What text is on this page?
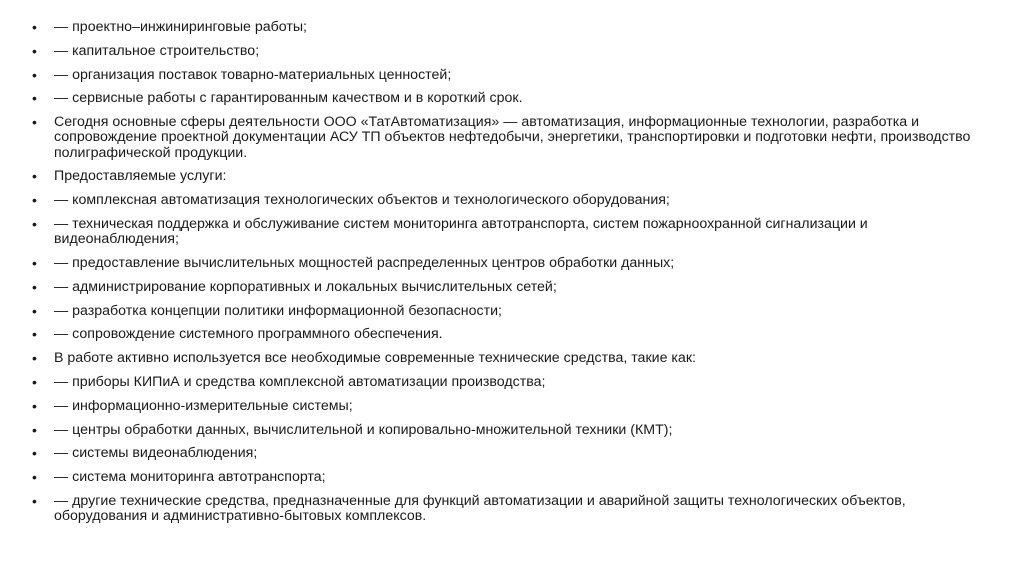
•	— проектно–инжиниринговые работы;
•	— капитальное строительство;
•	— организация поставок товарно-материальных ценностей;
•	— сервисные работы с гарантированным качеством и в короткий срок.
•	Сегодня основные сферы деятельности ООО «ТатАвтоматизация» — автоматизация, информационные технологии, разработка и сопровождение проектной документации АСУ ТП объектов нефтедобычи, энергетики, транспортировки и подготовки нефти, производство полиграфической продукции.
•	Предоставляемые услуги:
•	— комплексная автоматизация технологических объектов и технологического оборудования;
•	— техническая поддержка и обслуживание систем мониторинга автотранспорта, систем пожарноохранной сигнализации и видеонаблюдения;
•	— предоставление вычислительных мощностей распределенных центров обработки данных;
•	— администрирование корпоративных и локальных вычислительных сетей;
•	— разработка концепции политики информационной безопасности;
•	— сопровождение системного программного обеспечения.
•	В работе активно используется все необходимые современные технические средства, такие как:
•	— приборы КИПиА и средства комплексной автоматизации производства;
•	— информационно-измерительные системы;
•	— центры обработки данных, вычислительной и копировально-множительной техники (КМТ);
•	— системы видеонаблюдения;
•	— система мониторинга автотранспорта;
•	— другие технические средства, предназначенные для функций автоматизации и аварийной защиты технологических объектов, оборудования и административно-бытовых комплексов.
